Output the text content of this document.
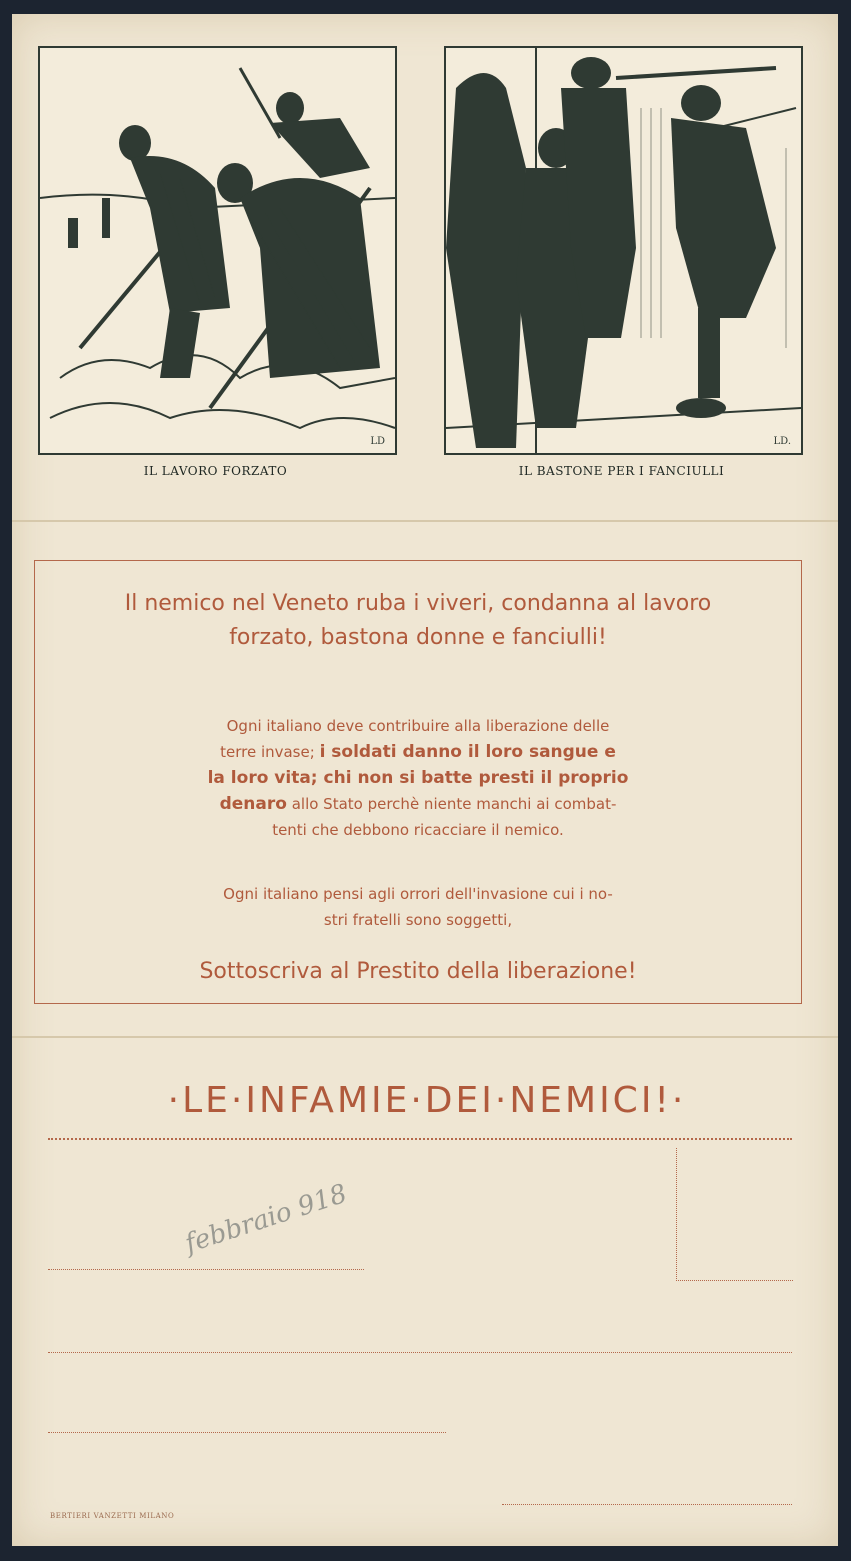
LD
IL LAVORO FORZATO
LD.
IL BASTONE PER I FANCIULLI
Il nemico nel Veneto ruba i viveri, condanna al lavoro
forzato, bastona donne e fanciulli!
Ogni italiano deve contribuire alla liberazione delle
terre invase; i soldati danno il loro sangue e
la loro vita; chi non si batte presti il proprio
denaro allo Stato perchè niente manchi ai combat-
tenti che debbono ricacciare il nemico.
Ogni italiano pensi agli orrori dell'invasione cui i no-
stri fratelli sono soggetti,
Sottoscriva al Prestito della liberazione!
·LE·INFAMIE·DEI·NEMICI!·
febbraio 918
BERTIERI VANZETTI MILANO
